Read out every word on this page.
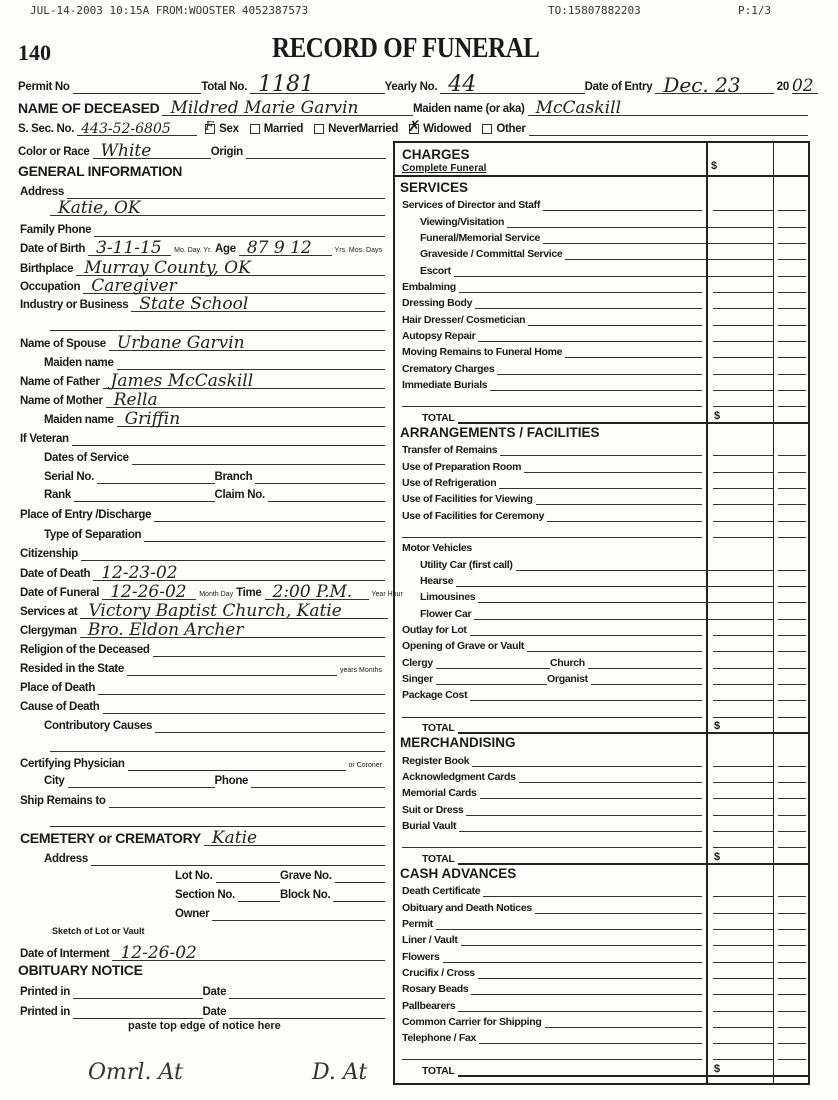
JUL-14-2003 10:15A FROM:WOOSTER 4052387573	TO:15807882203	P:1/3
140	RECORD OF FUNERAL
Permit No	Total No. 1181	Yearly No. 44	Date of Entry Dec. 23	20 02
NAME OF DECEASED Mildred Marie Garvin	Maiden name (or aka) McCaskill
S. Sec. No. 443-52-6805	F Sex Married NeverMarried ✗ Widowed Other
Color or Race White	Origin
GENERAL INFORMATION
Address
Katie, OK
Family Phone
Date of Birth 3-11-15	Mo. Day. Yr. Age 87 9 12	Yrs. Mos. Days
Birthplace Murray County, OK
Occupation Caregiver
Industry or Business State School
Name of Spouse Urbane Garvin
Maiden name
Name of Father James McCaskill
Name of Mother Rella
Maiden name Griffin
If Veteran
Dates of Service
Serial No.	Branch
Rank	Claim No.
Place of Entry /Discharge
Type of Separation
Citizenship
Date of Death 12-23-02
Date of Funeral 12-26-02	Month Day Time 2:00 P.M.	Year Hour
Services at Victory Baptist Church, Katie
Clergyman Bro. Eldon Archer
Religion of the Deceased
Resided in the State	years Months
Place of Death
Cause of Death
Contributory Causes
Certifying Physician	or Coroner
City	Phone
Ship Remains to
CEMETERY or CREMATORY Katie
Address
Lot No.	Grave No.
Section No.	Block No.
Owner
Sketch of Lot or Vault
Date of Interment 12-26-02
OBITUARY NOTICE
Printed in	Date
Printed in	Date
paste top edge of notice here
CHARGES
Complete Funeral	$
SERVICES
Services of Director and Staff
Viewing/Visitation
Funeral/Memorial Service
Graveside / Committal Service
Escort
Embalming
Dressing Body
Hair Dresser/ Cosmetician
Autopsy Repair
Moving Remains to Funeral Home
Crematory Charges
Immediate Burials
TOTAL	$
ARRANGEMENTS / FACILITIES
Transfer of Remains
Use of Preparation Room
Use of Refrigeration
Use of Facilities for Viewing
Use of Facilities for Ceremony
Motor Vehicles
Utility Car (first call)
Hearse
Limousines
Flower Car
Outlay for Lot
Opening of Grave or Vault
Clergy	Church
Singer	Organist
Package Cost
TOTAL	$
MERCHANDISING
Register Book
Acknowledgment Cards
Memorial Cards
Suit or Dress
Burial Vault
TOTAL	$
CASH ADVANCES
Death Certificate
Obituary and Death Notices
Permit
Liner / Vault
Flowers
Crucifix / Cross
Rosary Beads
Pallbearers
Common Carrier for Shipping
Telephone / Fax
TOTAL	$
Omrl. At	D. At
